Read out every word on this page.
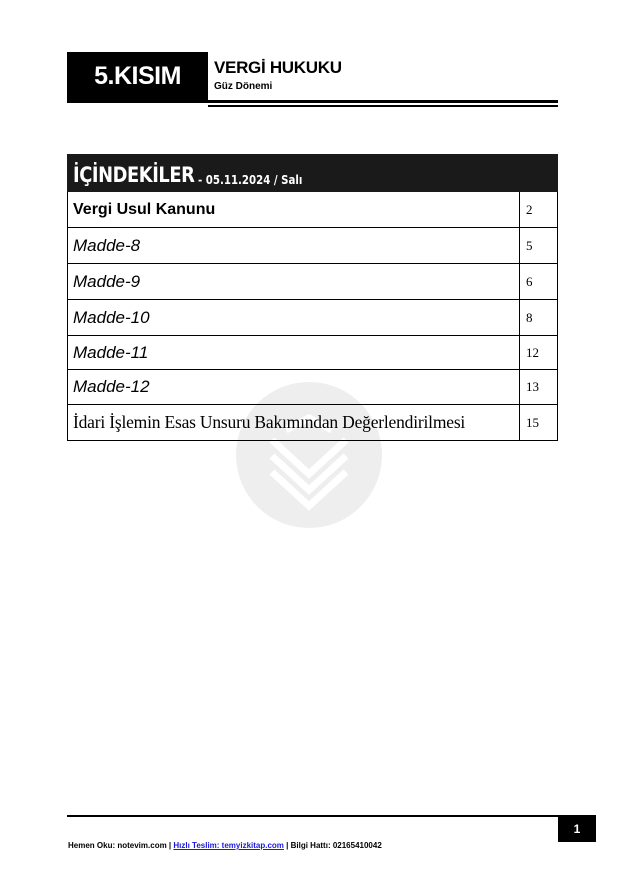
5.KISIM VERGİ HUKUKU
Güz Dönemi
İÇİNDEKİLER - 05.11.2024 / Salı
Vergi Usul Kanunu	2
Madde-8	5
Madde-9	6
Madde-10	8
Madde-11	12
Madde-12	13
İdari İşlemin Esas Unsuru Bakımından Değerlendirilmesi	15
1
Hemen Oku: notevim.com | Hızlı Teslim: temyizkitap.com | Bilgi Hattı: 02165410042
